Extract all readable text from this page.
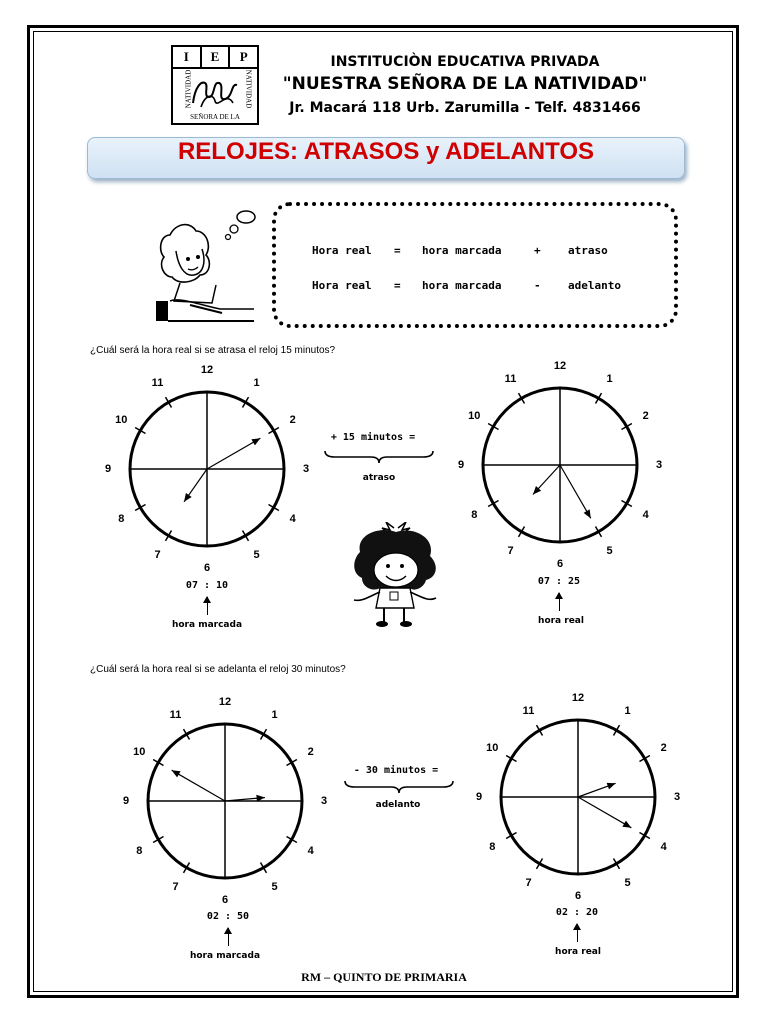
I	E	P
NATIVIDAD	NATIVIDAD
SEÑORA DE LA
INSTITUCIÒN EDUCATIVA PRIVADA
"NUESTRA SEÑORA DE LA NATIVIDAD"
Jr. Macará 118 Urb. Zarumilla - Telf. 4831466
RELOJES: ATRASOS y ADELANTOS
Hora real = hora marcada	+ atraso
Hora real = hora marcada	- adelanto
¿Cuál será la hora real si se atrasa el reloj 15 minutos?
12
1
2
3
4
5
6
7
8
9
10
11
12
1
2
3
4
5
6
7
8
9
10
11
+ 15 minutos =
atraso
07 : 10
hora marcada
07 : 25
hora real
¿Cuál será la hora real si se adelanta el reloj 30 minutos?
12
1
2
3
4
5
6
7
8
9
10
11
12
1
2
3
4
5
6
7
8
9
10
11
- 30 minutos =
adelanto
02 : 50
hora marcada
02 : 20
hora real
RM – QUINTO DE PRIMARIA
